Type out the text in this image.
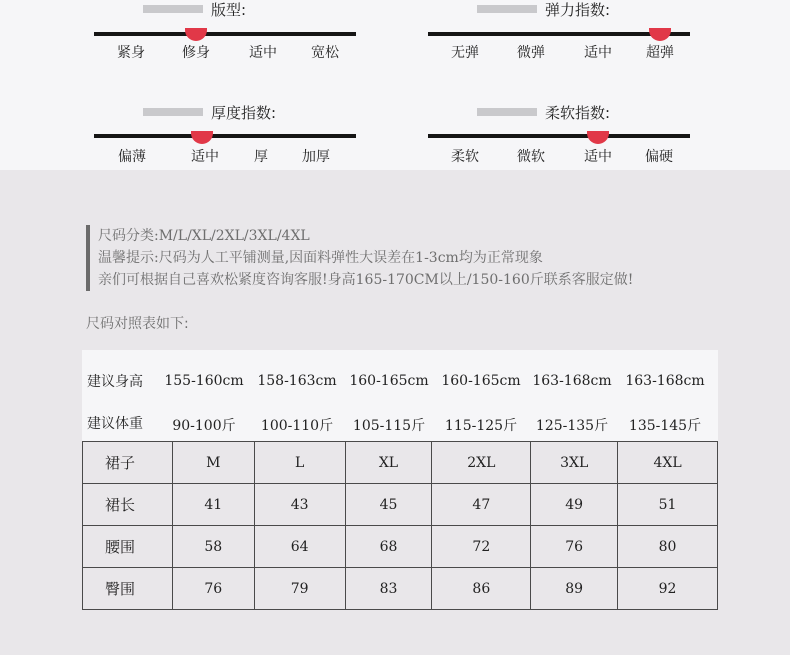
版型:
紧身	修身	适中	宽松
弹力指数:
无弹	微弹	适中	超弹
厚度指数:
偏薄	适中	厚	加厚
柔软指数:
柔软	微软	适中	偏硬
尺码分类:M/L/XL/2XL/3XL/4XL
温馨提示:尺码为人工平铺测量,因面料弹性大误差在1-3cm均为正常现象
亲们可根据自己喜欢松紧度咨询客服!身高165-170CM以上/150-160斤联系客服定做!
尺码对照表如下:
建议身高 155-160cm 158-163cm 160-165cm 160-165cm 163-168cm 163-168cm
建议体重	90-100斤	100-110斤 105-115斤 115-125斤 125-135斤 135-145斤
裙子	M	L	XL	2XL	3XL	4XL
裙长	41	43	45	47	49	51
腰围	58	64	68	72	76	80
臀围	76	79	83	86	89	92
